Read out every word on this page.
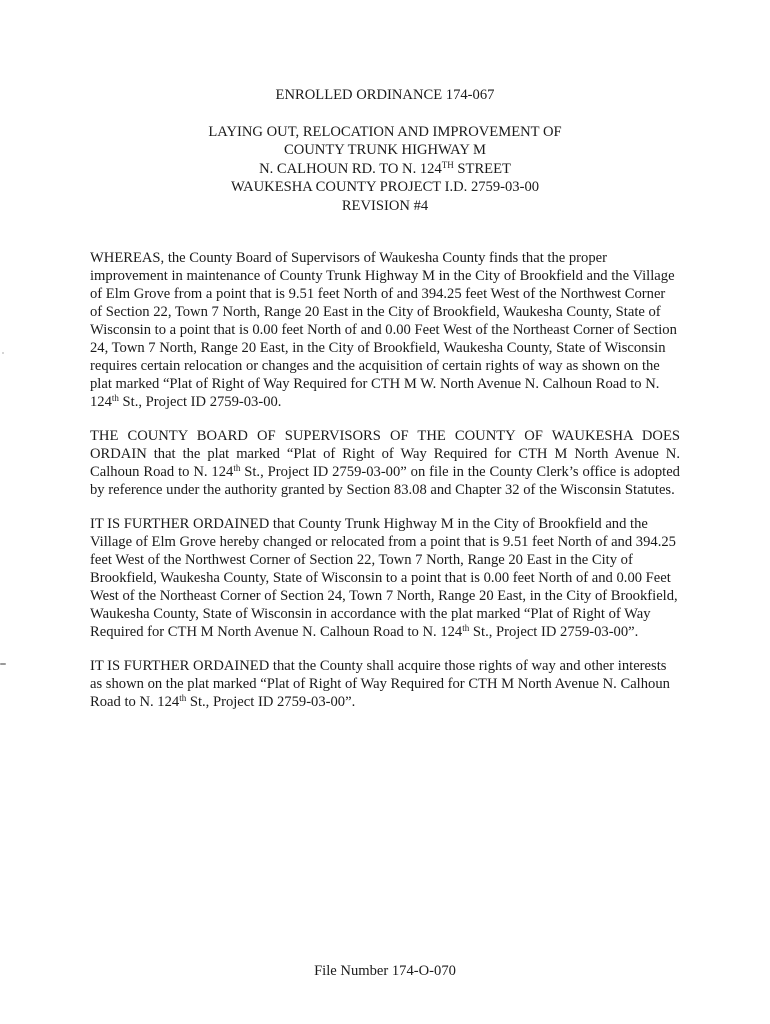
ENROLLED ORDINANCE 174-067
LAYING OUT, RELOCATION AND IMPROVEMENT OF
COUNTY TRUNK HIGHWAY M
N. CALHOUN RD. TO N. 124TH STREET
WAUKESHA COUNTY PROJECT I.D. 2759-03-00
REVISION #4

WHEREAS, the County Board of Supervisors of Waukesha County finds that the proper improvement in maintenance of County Trunk Highway M in the City of Brookfield and the Village of Elm Grove from a point that is 9.51 feet North of and 394.25 feet West of the Northwest Corner of Section 22, Town 7 North, Range 20 East in the City of Brookfield, Waukesha County, State of Wisconsin to a point that is 0.00 feet North of and 0.00 Feet West of the Northeast Corner of Section 24, Town 7 North, Range 20 East, in the City of Brookfield, Waukesha County, State of Wisconsin requires certain relocation or changes and the acquisition of certain rights of way as shown on the plat marked “Plat of Right of Way Required for CTH M W. North Avenue N. Calhoun Road to N. 124th St., Project ID 2759-03-00.

THE COUNTY BOARD OF SUPERVISORS OF THE COUNTY OF WAUKESHA DOES ORDAIN that the plat marked “Plat of Right of Way Required for CTH M North Avenue N. Calhoun Road to N. 124th St., Project ID 2759-03-00” on file in the County Clerk’s office is adopted by reference under the authority granted by Section 83.08 and Chapter 32 of the Wisconsin Statutes.

IT IS FURTHER ORDAINED that County Trunk Highway M in the City of Brookfield and the Village of Elm Grove hereby changed or relocated from a point that is 9.51 feet North of and 394.25 feet West of the Northwest Corner of Section 22, Town 7 North, Range 20 East in the City of Brookfield, Waukesha County, State of Wisconsin to a point that is 0.00 feet North of and 0.00 Feet West of the Northeast Corner of Section 24, Town 7 North, Range 20 East, in the City of Brookfield, Waukesha County, State of Wisconsin in accordance with the plat marked “Plat of Right of Way Required for CTH M North Avenue N. Calhoun Road to N. 124th St., Project ID 2759-03-00”.

IT IS FURTHER ORDAINED that the County shall acquire those rights of way and other interests as shown on the plat marked “Plat of Right of Way Required for CTH M North Avenue N. Calhoun Road to N. 124th St., Project ID 2759-03-00”.

File Number 174-O-070
